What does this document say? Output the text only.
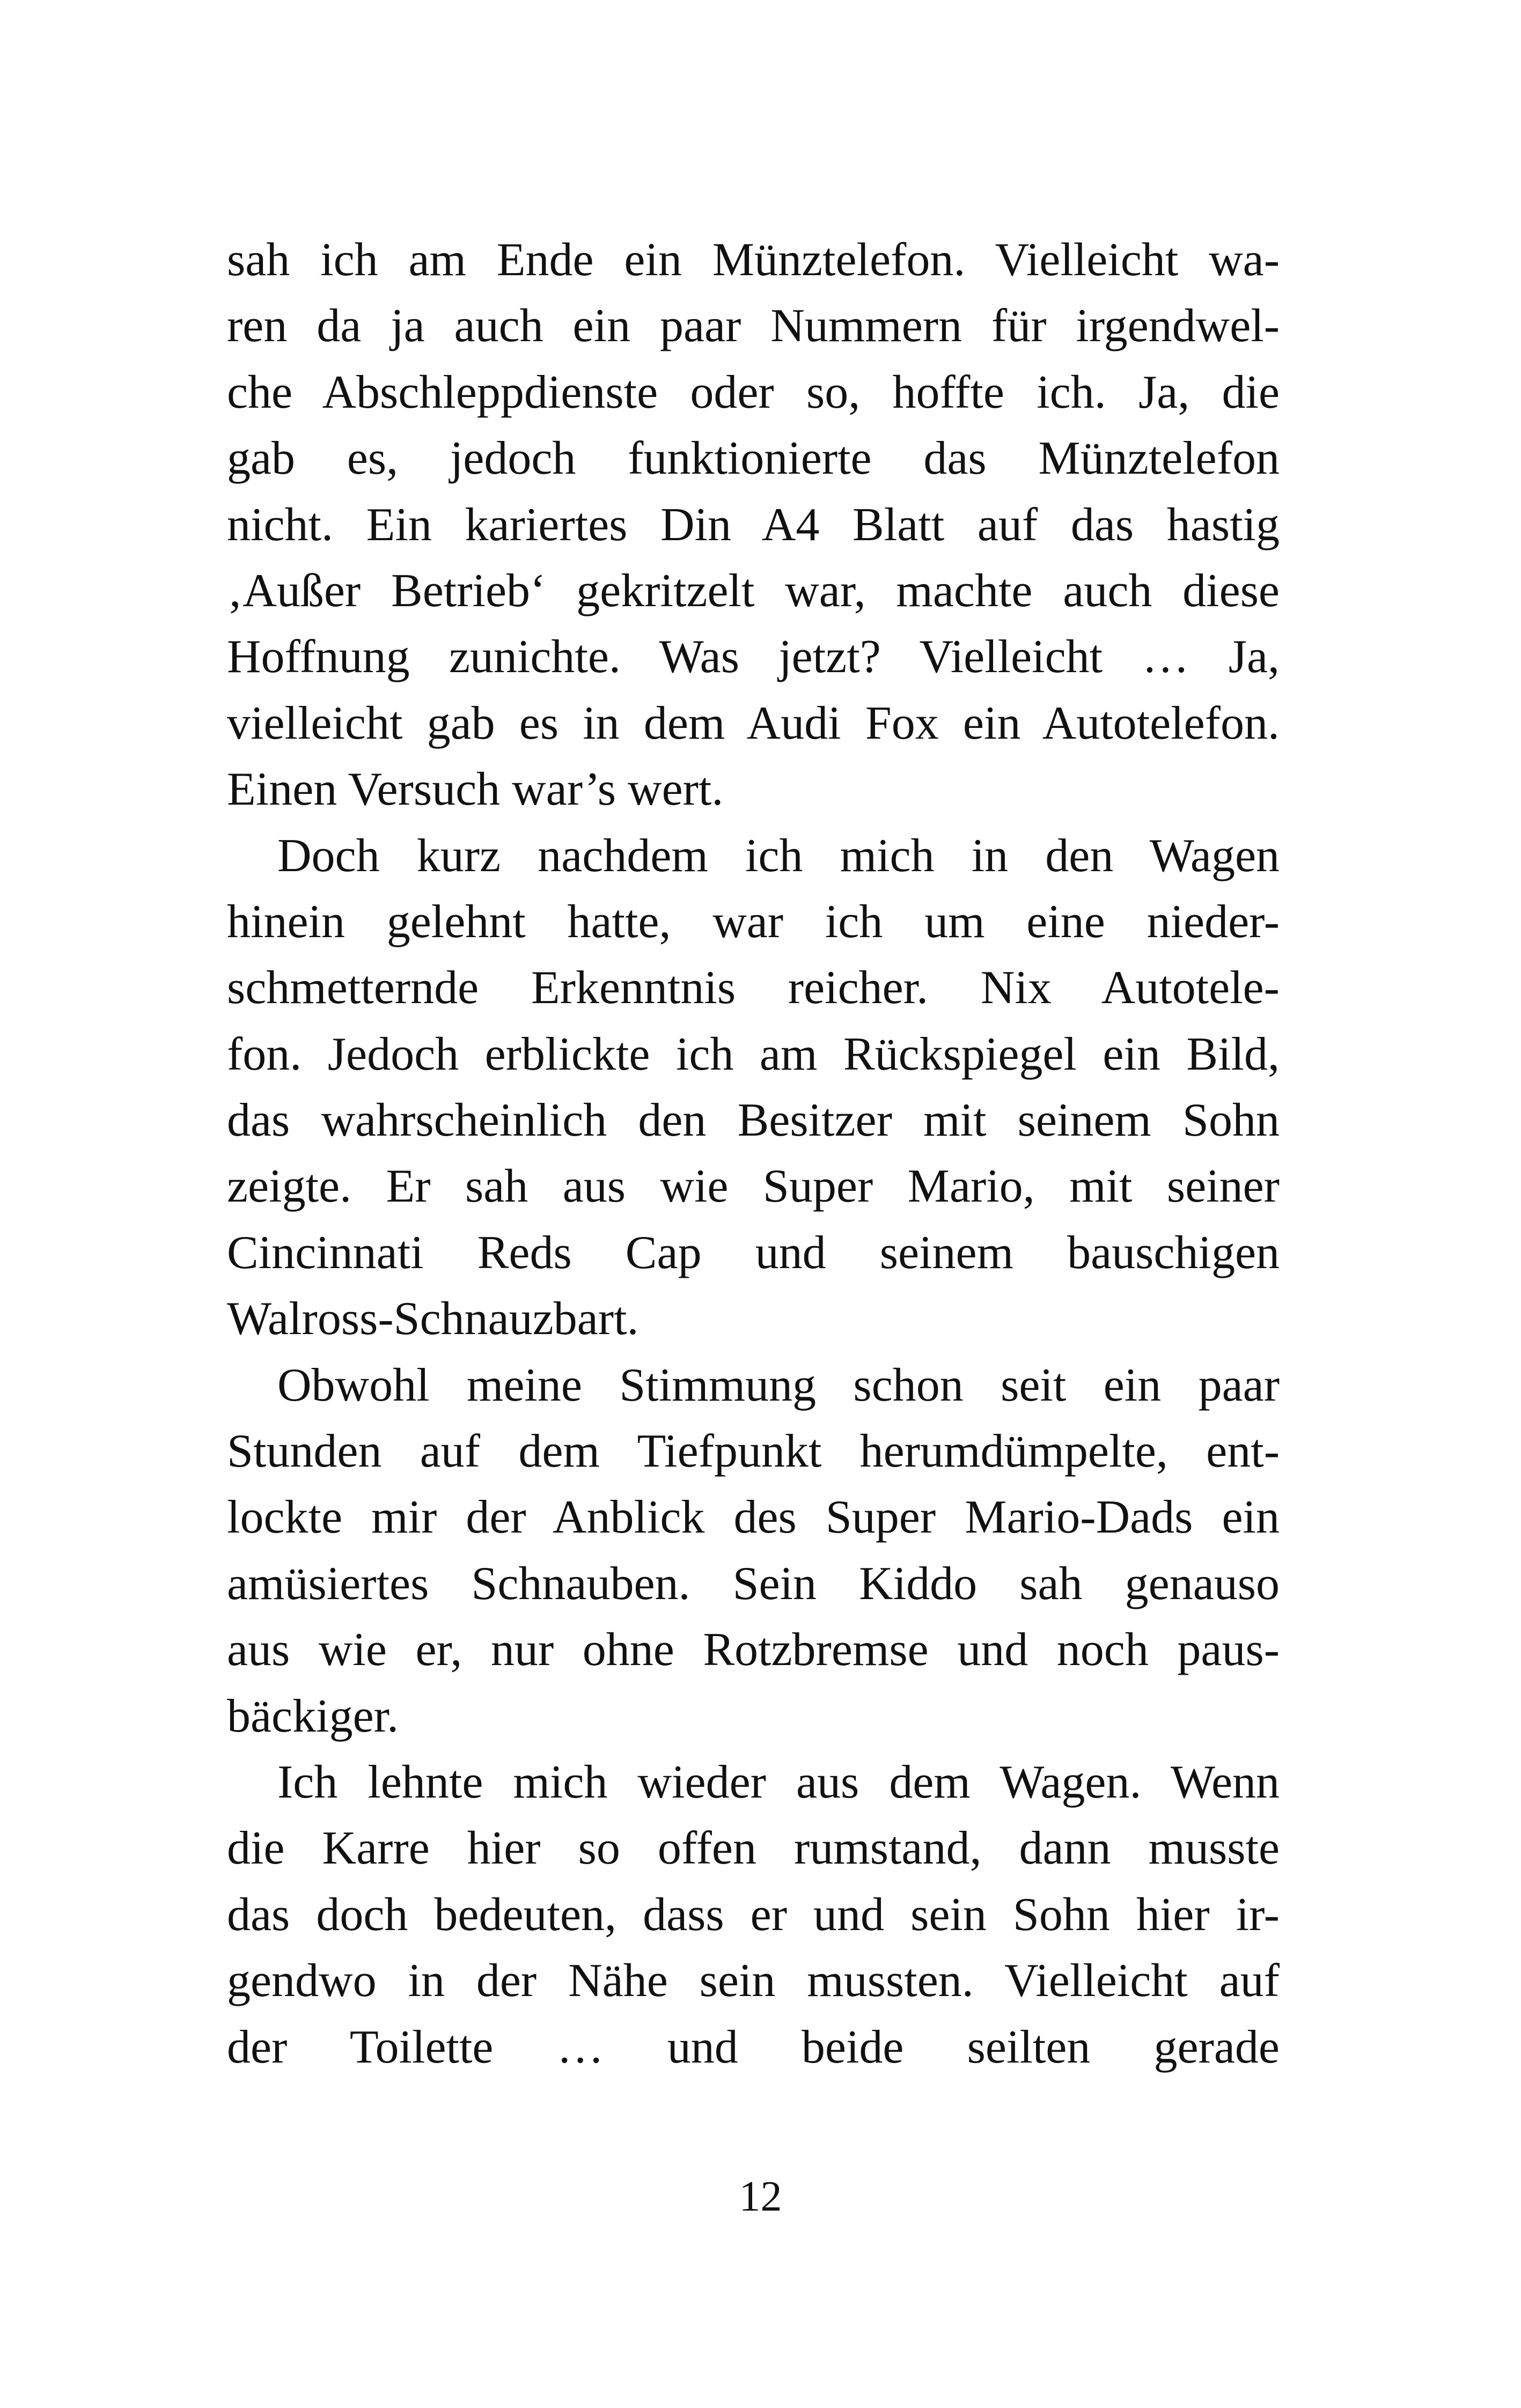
sah ich am Ende ein Münztelefon. Vielleicht wa-
ren da ja auch ein paar Nummern für irgendwel-
che Abschleppdienste oder so, hoffte ich. Ja, die
gab es, jedoch funktionierte das Münztelefon
nicht. Ein kariertes Din A4 Blatt auf das hastig
‚Außer Betrieb‘ gekritzelt war, machte auch diese
Hoffnung zunichte. Was jetzt? Vielleicht … Ja,
vielleicht gab es in dem Audi Fox ein Autotelefon.
Einen Versuch war’s wert.
Doch kurz nachdem ich mich in den Wagen
hinein gelehnt hatte, war ich um eine nieder-
schmetternde Erkenntnis reicher. Nix Autotele-
fon. Jedoch erblickte ich am Rückspiegel ein Bild,
das wahrscheinlich den Besitzer mit seinem Sohn
zeigte. Er sah aus wie Super Mario, mit seiner
Cincinnati Reds Cap und seinem bauschigen
Walross-Schnauzbart.
Obwohl meine Stimmung schon seit ein paar
Stunden auf dem Tiefpunkt herumdümpelte, ent-
lockte mir der Anblick des Super Mario-Dads ein
amüsiertes Schnauben. Sein Kiddo sah genauso
aus wie er, nur ohne Rotzbremse und noch paus-
bäckiger.
Ich lehnte mich wieder aus dem Wagen. Wenn
die Karre hier so offen rumstand, dann musste
das doch bedeuten, dass er und sein Sohn hier ir-
gendwo in der Nähe sein mussten. Vielleicht auf
der Toilette … und beide seilten gerade
12
